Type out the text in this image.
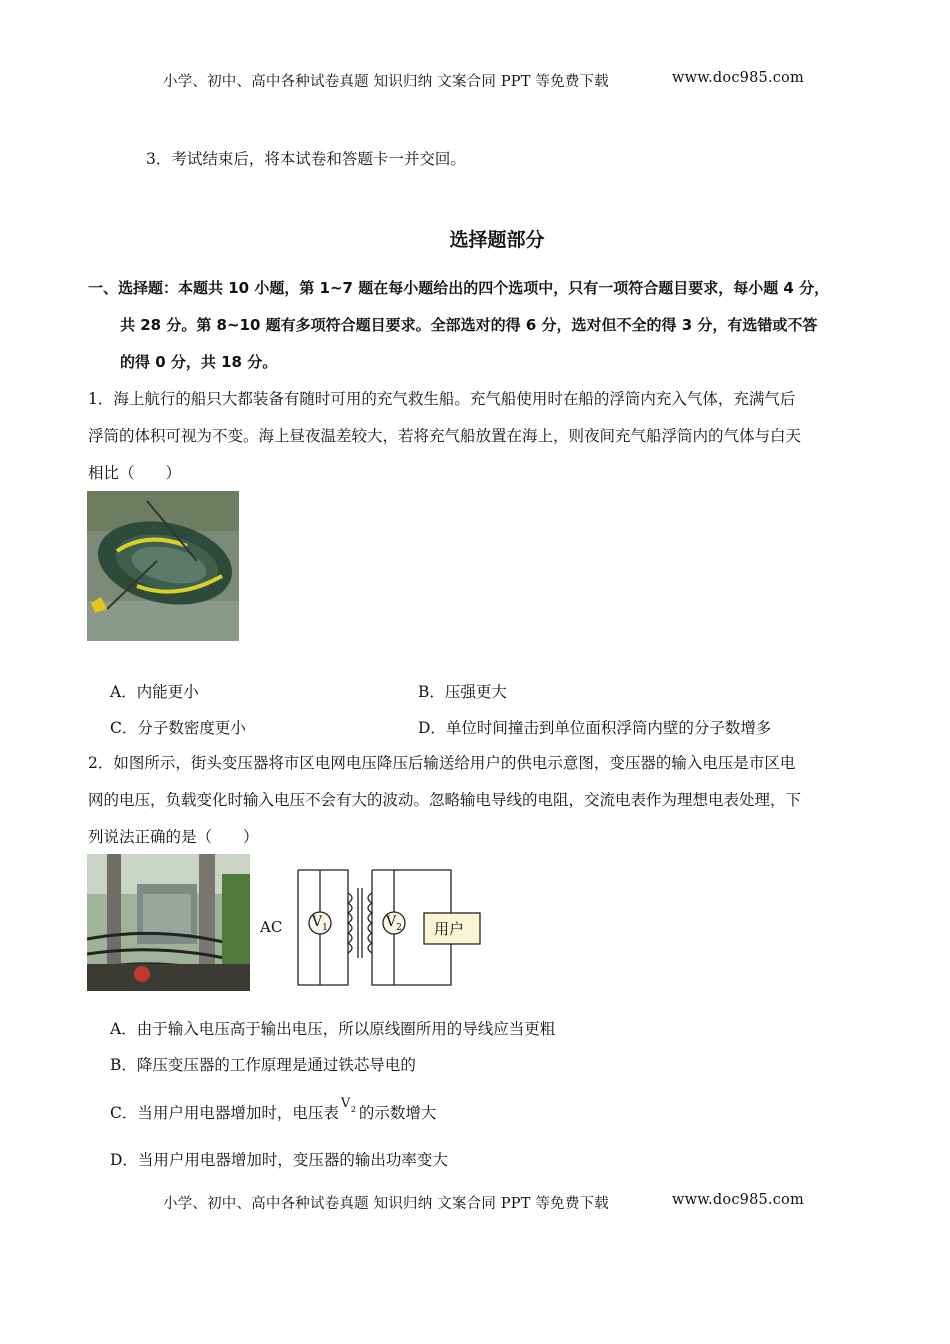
小学、初中、高中各种试卷真题 知识归纳 文案合同 PPT 等免费下载	www.doc985.com
3．考试结束后，将本试卷和答题卡一并交回。
选择题部分
一、选择题：本题共 10 小题，第 1~7 题在每小题给出的四个选项中，只有一项符合题目要求，每小题 4 分，
共 28 分。第 8~10 题有多项符合题目要求。全部选对的得 6 分，选对但不全的得 3 分，有选错或不答
的得 0 分，共 18 分。
1．海上航行的船只大都装备有随时可用的充气救生船。充气船使用时在船的浮筒内充入气体，充满气后
浮筒的体积可视为不变。海上昼夜温差较大，若将充气船放置在海上，则夜间充气船浮筒内的气体与白天
相比（　　）
A．内能更小	B．压强更大
C．分子数密度更小	D．单位时间撞击到单位面积浮筒内壁的分子数增多
2．如图所示，街头变压器将市区电网电压降压后输送给用户的供电示意图，变压器的输入电压是市区电
网的电压，负载变化时输入电压不会有大的波动。忽略输电导线的电阻，交流电表作为理想电表处理，下
列说法正确的是（　　）
AC $V_1$	$V_2$ 用户
A．由于输入电压高于输出电压，所以原线圈所用的导线应当更粗
B．降压变压器的工作原理是通过铁芯导电的
C．当用户用电器增加时，电压表
V 2 的示数增大
D．当用户用电器增加时，变压器的输出功率变大
小学、初中、高中各种试卷真题 知识归纳 文案合同 PPT 等免费下载	www.doc985.com
